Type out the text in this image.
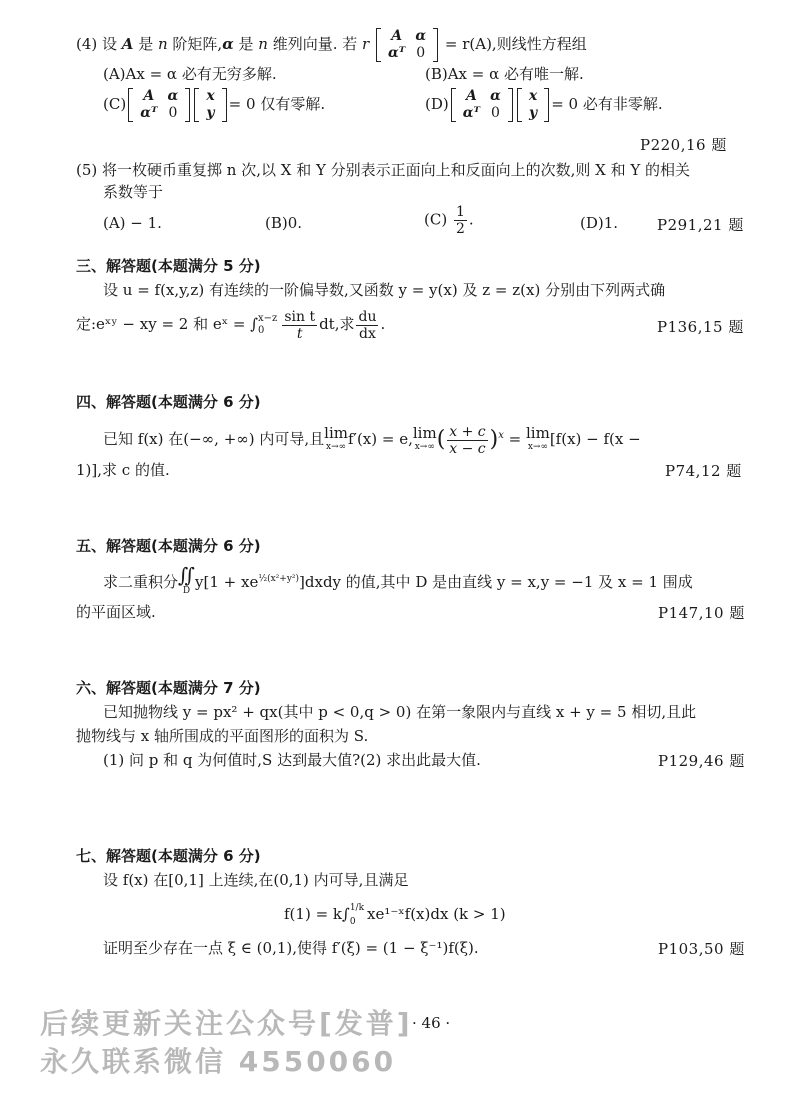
(4) 设 A 是 n 阶矩阵,α 是 n 维列向量. 若 r A	α
αᵀ	0 = r(A),则线性方程组
(A)Ax = α 必有无穷多解.	(B)Ax = α 必有唯一解.
(C) A	α
αᵀ	0
x
y = 0 仅有零解.	(D) A	α
αᵀ	0
x
y = 0 必有非零解.
P220,16 题
(5) 将一枚硬币重复掷 n 次,以 X 和 Y 分别表示正面向上和反面向上的次数,则 X 和 Y 的相关
系数等于
(A) − 1.	(B)0.	$(C) \frac{1}{2}$ .	(D)1.	P291,21 题
三、解答题(本题满分 5 分)
设 u = f(x,y,z) 有连续的一阶偏导数,又函数 y = y(x) 及 z = z(x) 分别由下列两式确
定:eˣʸ − xy = 2 和 eˣ = ∫ x−z
0	$\frac{\text{sin t}}{t}$ dt,求 $\frac{du}{dx}$ .	P136,15 题
四、解答题(本题满分 6 分)
已知 f(x) 在(−∞, +∞) 内可导,且 lim
x→∞ f′(x) = e, lim
x→∞ ( $\frac{x + c}{x - c} )^x = \lim$
x→∞ [f(x) − f(x −
1)],求 c 的值.	P74,12 题
五、解答题(本题满分 6 分)
求二重积分 ∬
D $y[1 + xe^{\frac{1}{2}(x^2+y^2)}]dxdy$ 的值,其中 D 是由直线 y = x,y = −1 及 x = 1 围成
的平面区域.	P147,10 题
六、解答题(本题满分 7 分)
已知抛物线 y = px² + qx(其中 p < 0,q > 0) 在第一象限内与直线 x + y = 5 相切,且此
抛物线与 x 轴所围成的平面图形的面积为 S.
(1) 问 p 和 q 为何值时,S 达到最大值?(2) 求出此最大值.	P129,46 题
七、解答题(本题满分 6 分)
设 f(x) 在[0,1] 上连续,在(0,1) 内可导,且满足
f(1) = k∫ 1/k
0 xe¹⁻ˣf(x)dx (k > 1)
证明至少存在一点 ξ ∈ (0,1),使得 f′(ξ) = (1 − ξ⁻¹)f(ξ).	P103,50 题
· 46 ·
后续更新关注公众号[发普]
永久联系微信 4550060
